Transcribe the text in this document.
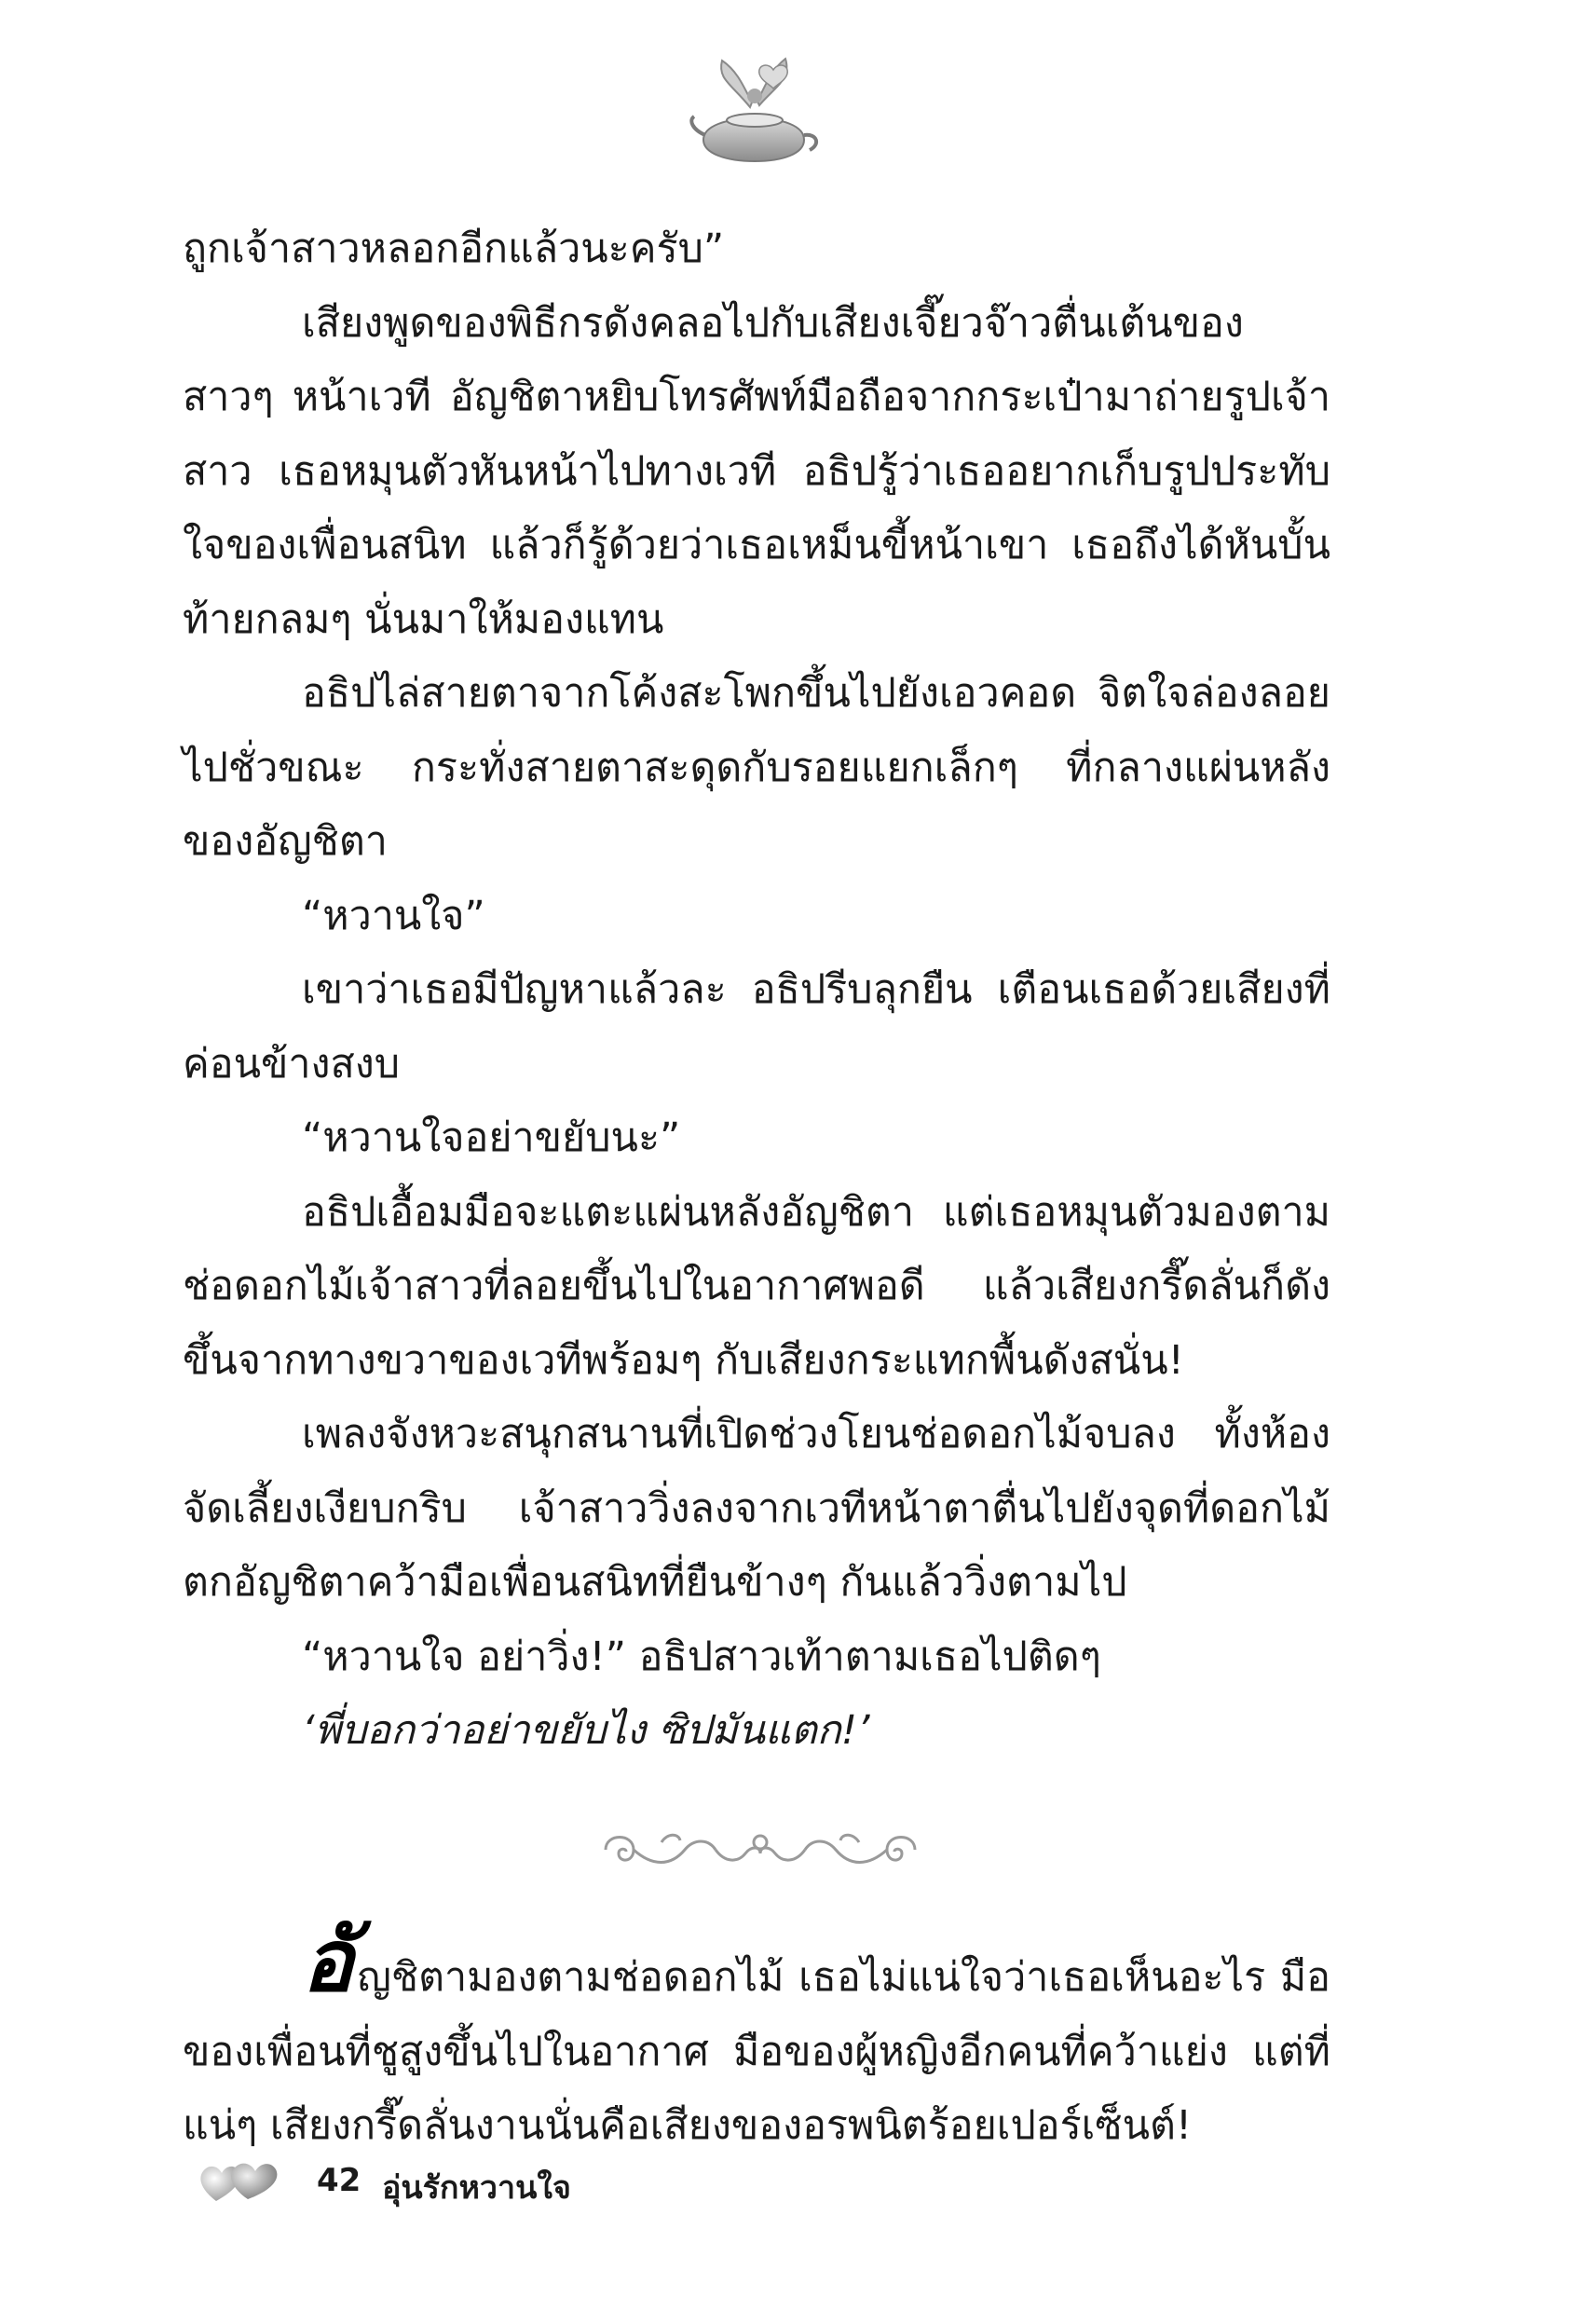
ถูกเจ้าสาวหลอกอีกแล้วนะครับ”

เสียงพูดของพิธีกรดังคลอไปกับเสียงเจี๊ยวจ๊าวตื่นเต้นของสาวๆ หน้าเวที อัญชิตาหยิบโทรศัพท์มือถือจากกระเป๋ามาถ่ายรูปเจ้าสาว เธอหมุนตัวหันหน้าไปทางเวที อธิปรู้ว่าเธออยากเก็บรูปประทับใจของเพื่อนสนิท แล้วก็รู้ด้วยว่าเธอเหม็นขี้หน้าเขา เธอถึงได้หันบั้นท้ายกลมๆ นั่นมาให้มองแทน

อธิปไล่สายตาจากโค้งสะโพกขึ้นไปยังเอวคอด จิตใจล่องลอยไปชั่วขณะ กระทั่งสายตาสะดุดกับรอยแยกเล็กๆ ที่กลางแผ่นหลังของอัญชิตา

“หวานใจ”

เขาว่าเธอมีปัญหาแล้วละ อธิปรีบลุกยืน เตือนเธอด้วยเสียงที่ค่อนข้างสงบ

“หวานใจอย่าขยับนะ”

อธิปเอื้อมมือจะแตะแผ่นหลังอัญชิตา แต่เธอหมุนตัวมองตามช่อดอกไม้เจ้าสาวที่ลอยขึ้นไปในอากาศพอดี แล้วเสียงกรี๊ดลั่นก็ดังขึ้นจากทางขวาของเวทีพร้อมๆ กับเสียงกระแทกพื้นดังสนั่น!

เพลงจังหวะสนุกสนานที่เปิดช่วงโยนช่อดอกไม้จบลง ทั้งห้องจัดเลี้ยงเงียบกริบ เจ้าสาววิ่งลงจากเวทีหน้าตาตื่นไปยังจุดที่ดอกไม้ตกอัญชิตาคว้ามือเพื่อนสนิทที่ยืนข้างๆ กันแล้ววิ่งตามไป

“หวานใจ อย่าวิ่ง!” อธิปสาวเท้าตามเธอไปติดๆ

‘พี่บอกว่าอย่าขยับไง ซิปมันแตก!’

อัญชิตามองตามช่อดอกไม้ เธอไม่แน่ใจว่าเธอเห็นอะไร มือของเพื่อนที่ชูสูงขึ้นไปในอากาศ มือของผู้หญิงอีกคนที่คว้าแย่ง แต่ที่แน่ๆ เสียงกรี๊ดลั่นงานนั่นคือเสียงของอรพนิตร้อยเปอร์เซ็นต์!

42 อุ่นรักหวานใจ
